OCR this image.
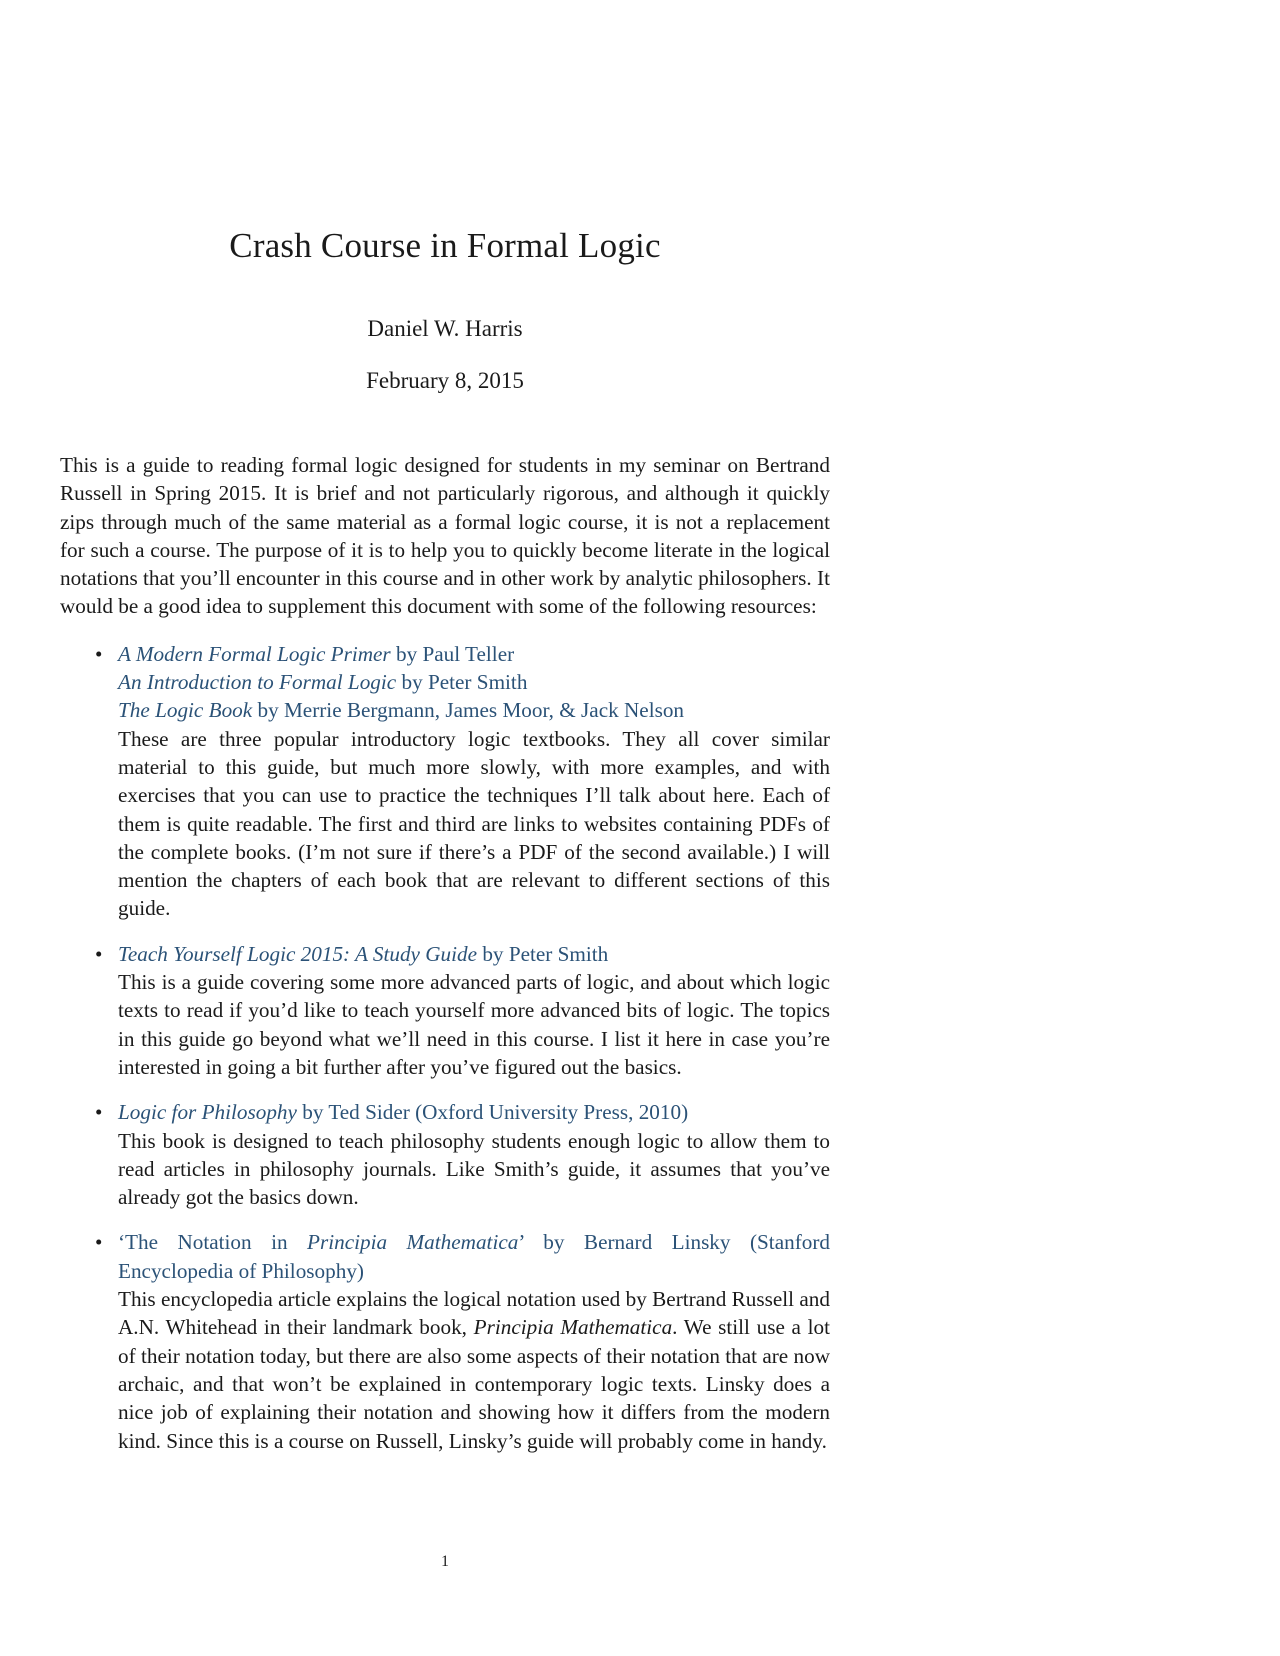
Crash Course in Formal Logic
Daniel W. Harris
February 8, 2015

This is a guide to reading formal logic designed for students in my seminar on Bertrand Russell in Spring 2015. It is brief and not particularly rigorous, and although it quickly zips through much of the same material as a formal logic course, it is not a replacement for such a course. The purpose of it is to help you to quickly become literate in the logical notations that you’ll encounter in this course and in other work by analytic philosophers. It would be a good idea to supplement this document with some of the following resources:

• A Modern Formal Logic Primer by Paul Teller
An Introduction to Formal Logic by Peter Smith
The Logic Book by Merrie Bergmann, James Moor, & Jack Nelson
These are three popular introductory logic textbooks. They all cover similar material to this guide, but much more slowly, with more examples, and with exercises that you can use to practice the techniques I’ll talk about here. Each of them is quite readable. The first and third are links to websites containing PDFs of the complete books. (I’m not sure if there’s a PDF of the second available.) I will mention the chapters of each book that are relevant to different sections of this guide.
• Teach Yourself Logic 2015: A Study Guide by Peter Smith
This is a guide covering some more advanced parts of logic, and about which logic texts to read if you’d like to teach yourself more advanced bits of logic. The topics in this guide go beyond what we’ll need in this course. I list it here in case you’re interested in going a bit further after you’ve figured out the basics.
• Logic for Philosophy by Ted Sider (Oxford University Press, 2010)
This book is designed to teach philosophy students enough logic to allow them to read articles in philosophy journals. Like Smith’s guide, it assumes that you’ve already got the basics down.
• ‘The Notation in Principia Mathematica’ by Bernard Linsky (Stanford Encyclopedia of Philosophy)
This encyclopedia article explains the logical notation used by Bertrand Russell and A.N. Whitehead in their landmark book, Principia Mathematica. We still use a lot of their notation today, but there are also some aspects of their notation that are now archaic, and that won’t be explained in contemporary logic texts. Linsky does a nice job of explaining their notation and showing how it differs from the modern kind. Since this is a course on Russell, Linsky’s guide will probably come in handy.
1
